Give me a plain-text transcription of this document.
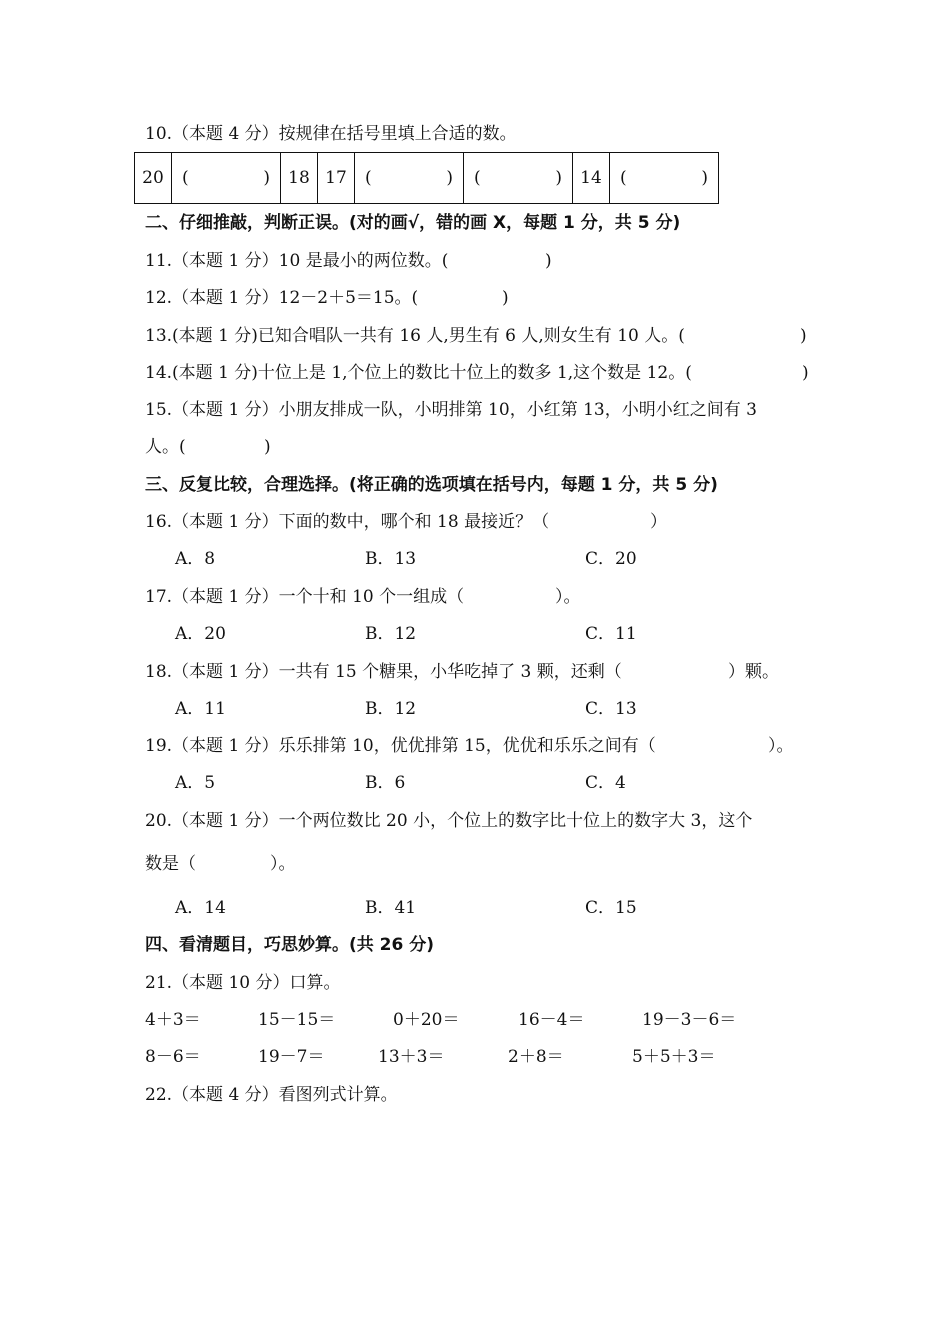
10.（本题 4 分）按规律在括号里填上合适的数。
20	(	)	18	17	(	)	(	)	14	(	)
二、仔细推敲，判断正误。(对的画√，错的画 X，每题 1 分，共 5 分)
11.（本题 1 分）10 是最小的两位数。(	)
12.（本题 1 分）12－2＋5＝15。(	)
13.(本题 1 分)已知合唱队一共有 16 人,男生有 6 人,则女生有 10 人。(	)
14.(本题 1 分)十位上是 1,个位上的数比十位上的数多 1,这个数是 12。(	)
15.（本题 1 分）小朋友排成一队，小明排第 10，小红第 13，小明小红之间有 3
人。(	)
三、反复比较，合理选择。(将正确的选项填在括号内，每题 1 分，共 5 分)
16.（本题 1 分）下面的数中，哪个和 18 最接近？（	）
A．8	B．13	C．20
17.（本题 1 分）一个十和 10 个一组成（	）。
A．20	B．12	C．11
18.（本题 1 分）一共有 15 个糖果，小华吃掉了 3 颗，还剩（	）颗。
A．11	B．12	C．13
19.（本题 1 分）乐乐排第 10，优优排第 15，优优和乐乐之间有（	）。
A．5	B．6	C．4
20.（本题 1 分）一个两位数比 20 小，个位上的数字比十位上的数字大 3，这个
数是（	）。
A．14	B．41	C．15
四、看清题目，巧思妙算。(共 26 分)
21.（本题 10 分）口算。
4＋3＝	15－15＝	0＋20＝	16－4＝	19－3－6＝
8－6＝	19－7＝	13＋3＝	2＋8＝	5＋5＋3＝
22.（本题 4 分）看图列式计算。
